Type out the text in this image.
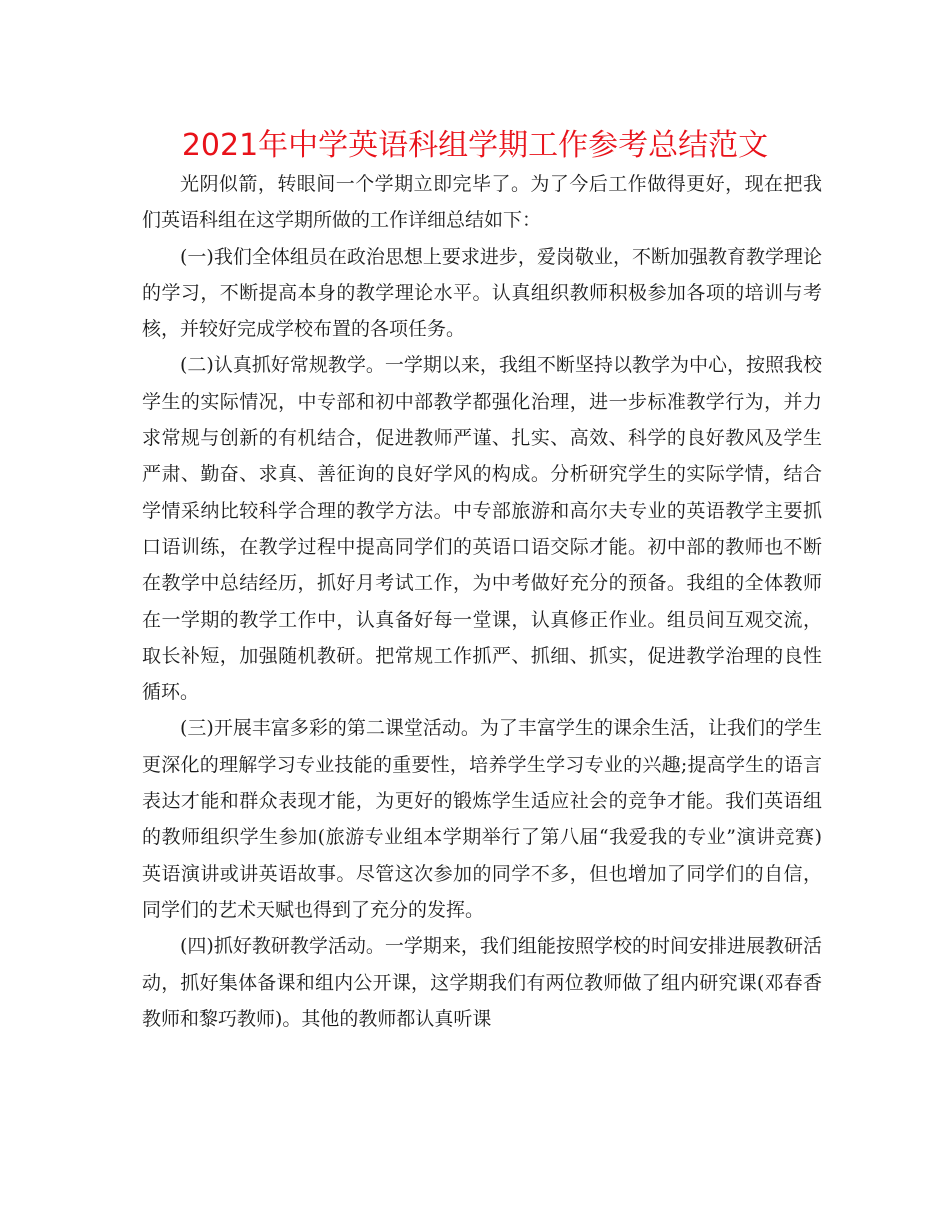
2021年中学英语科组学期工作参考总结范文

光阴似箭，转眼间一个学期立即完毕了。为了今后工作做得更好，现在把我们英语科组在这学期所做的工作详细总结如下：

(一)我们全体组员在政治思想上要求进步，爱岗敬业，不断加强教育教学理论的学习，不断提高本身的教学理论水平。认真组织教师积极参加各项的培训与考核，并较好完成学校布置的各项任务。

(二)认真抓好常规教学。一学期以来，我组不断坚持以教学为中心，按照我校学生的实际情况，中专部和初中部教学都强化治理，进一步标准教学行为，并力求常规与创新的有机结合，促进教师严谨、扎实、高效、科学的良好教风及学生严肃、勤奋、求真、善征询的良好学风的构成。分析研究学生的实际学情，结合学情采纳比较科学合理的教学方法。中专部旅游和高尔夫专业的英语教学主要抓口语训练，在教学过程中提高同学们的英语口语交际才能。初中部的教师也不断在教学中总结经历，抓好月考试工作，为中考做好充分的预备。我组的全体教师在一学期的教学工作中，认真备好每一堂课，认真修正作业。组员间互观交流，取长补短，加强随机教研。把常规工作抓严、抓细、抓实，促进教学治理的良性循环。

(三)开展丰富多彩的第二课堂活动。为了丰富学生的课余生活，让我们的学生更深化的理解学习专业技能的重要性，培养学生学习专业的兴趣;提高学生的语言表达才能和群众表现才能，为更好的锻炼学生适应社会的竞争才能。我们英语组的教师组织学生参加(旅游专业组本学期举行了第八届“我爱我的专业”演讲竞赛)英语演讲或讲英语故事。尽管这次参加的同学不多，但也增加了同学们的自信，同学们的艺术天赋也得到了充分的发挥。

(四)抓好教研教学活动。一学期来，我们组能按照学校的时间安排进展教研活动，抓好集体备课和组内公开课，这学期我们有两位教师做了组内研究课(邓春香教师和黎巧教师)。其他的教师都认真听课
